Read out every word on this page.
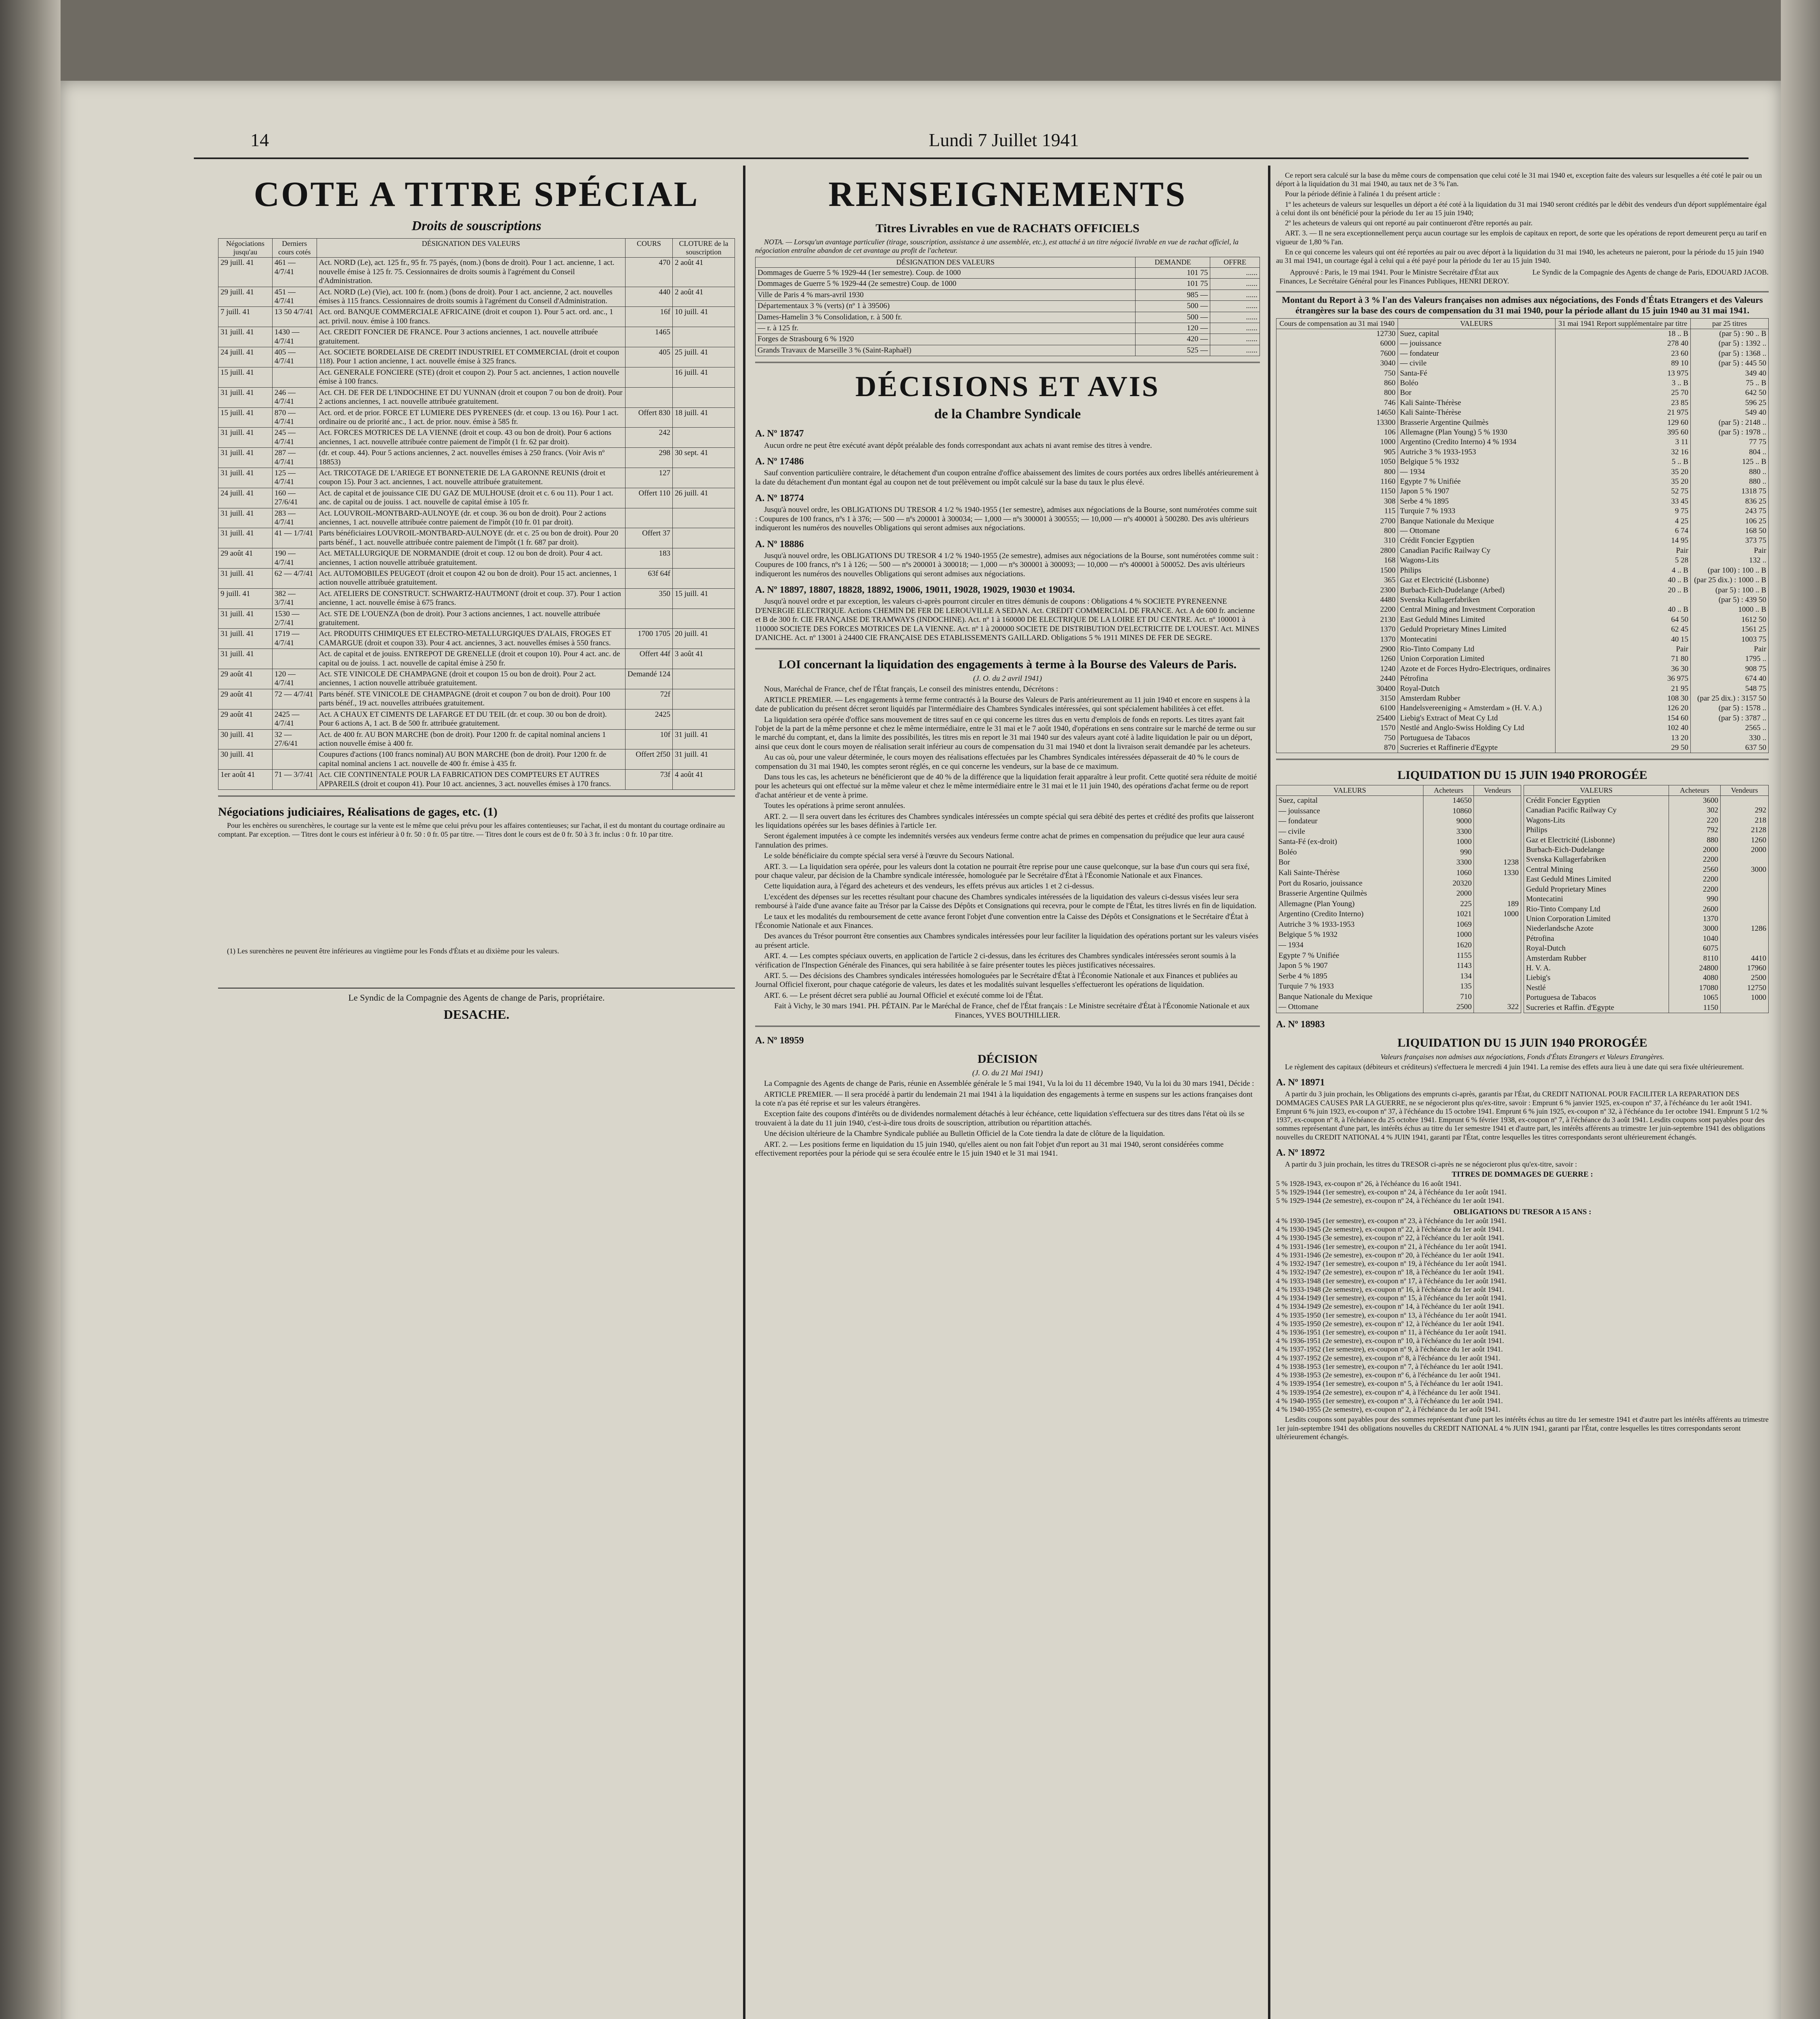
14	Lundi 7 Juillet 1941
COTE A TITRE SPÉCIAL
Droits de souscriptions
Négociations jusqu'au	Derniers cours cotés	DÉSIGNATION DES VALEURS	COURS	CLOTURE de la souscription
29 juill. 41	461 — 4/7/41	Act. NORD (Le), act. 125 fr., 95 fr. 75 payés, (nom.) (bons de droit). Pour 1 act. ancienne, 1 act. nouvelle émise à 125 fr. 75. Cessionnaires de droits soumis à l'agrément du Conseil d'Administration.	470	2 août 41
29 juill. 41	451 — 4/7/41	Act. NORD (Le) (Vie), act. 100 fr. (nom.) (bons de droit). Pour 1 act. ancienne, 2 act. nouvelles émises à 115 francs. Cessionnaires de droits soumis à l'agrément du Conseil d'Administration.	440	2 août 41
7 juill. 41	13 50 4/7/41	Act. ord. BANQUE COMMERCIALE AFRICAINE (droit et coupon 1). Pour 5 act. ord. anc., 1 act. privil. nouv. émise à 100 francs.	16f	10 juill. 41
31 juill. 41	1430 — 4/7/41	Act. CREDIT FONCIER DE FRANCE. Pour 3 actions anciennes, 1 act. nouvelle attribuée gratuitement.	1465	
24 juill. 41	405 — 4/7/41	Act. SOCIETE BORDELAISE DE CREDIT INDUSTRIEL ET COMMERCIAL (droit et coupon 118). Pour 1 action ancienne, 1 act. nouvelle émise à 325 francs.	405	25 juill. 41
15 juill. 41		Act. GENERALE FONCIERE (STE) (droit et coupon 2). Pour 5 act. anciennes, 1 action nouvelle émise à 100 francs.		16 juill. 41
31 juill. 41	246 — 4/7/41	Act. CH. DE FER DE L'INDOCHINE ET DU YUNNAN (droit et coupon 7 ou bon de droit). Pour 2 actions anciennes, 1 act. nouvelle attribuée gratuitement.		
15 juill. 41	870 — 4/7/41	Act. ord. et de prior. FORCE ET LUMIERE DES PYRENEES (dr. et coup. 13 ou 16). Pour 1 act. ordinaire ou de priorité anc., 1 act. de prior. nouv. émise à 585 fr.	Offert 830	18 juill. 41
31 juill. 41	245 — 4/7/41	Act. FORCES MOTRICES DE LA VIENNE (droit et coup. 43 ou bon de droit). Pour 6 actions anciennes, 1 act. nouvelle attribuée contre paiement de l'impôt (1 fr. 62 par droit).	242	
31 juill. 41	287 — 4/7/41	(dr. et coup. 44). Pour 5 actions anciennes, 2 act. nouvelles émises à 250 francs. (Voir Avis nº 18853)	298	30 sept. 41
31 juill. 41	125 — 4/7/41	Act. TRICOTAGE DE L'ARIEGE ET BONNETERIE DE LA GARONNE REUNIS (droit et coupon 15). Pour 3 act. anciennes, 1 act. nouvelle attribuée gratuitement.	127	
24 juill. 41	160 — 27/6/41	Act. de capital et de jouissance CIE DU GAZ DE MULHOUSE (droit et c. 6 ou 11). Pour 1 act. anc. de capital ou de jouiss. 1 act. nouvelle de capital émise à 105 fr.	Offert 110	26 juill. 41
31 juill. 41	283 — 4/7/41	Act. LOUVROIL-MONTBARD-AULNOYE (dr. et coup. 36 ou bon de droit). Pour 2 actions anciennes, 1 act. nouvelle attribuée contre paiement de l'impôt (10 fr. 01 par droit).		
31 juill. 41	41 — 1/7/41	Parts bénéficiaires LOUVROIL-MONTBARD-AULNOYE (dr. et c. 25 ou bon de droit). Pour 20 parts bénéf., 1 act. nouvelle attribuée contre paiement de l'impôt (1 fr. 687 par droit).	Offert 37	
29 août 41	190 — 4/7/41	Act. METALLURGIQUE DE NORMANDIE (droit et coup. 12 ou bon de droit). Pour 4 act. anciennes, 1 action nouvelle attribuée gratuitement.	183	
31 juill. 41	62 — 4/7/41	Act. AUTOMOBILES PEUGEOT (droit et coupon 42 ou bon de droit). Pour 15 act. anciennes, 1 action nouvelle attribuée gratuitement.	63f 64f	
9 juill. 41	382 — 3/7/41	Act. ATELIERS DE CONSTRUCT. SCHWARTZ-HAUTMONT (droit et coup. 37). Pour 1 action ancienne, 1 act. nouvelle émise à 675 francs.	350	15 juill. 41
31 juill. 41	1530 — 2/7/41	Act. STE DE L'OUENZA (bon de droit). Pour 3 actions anciennes, 1 act. nouvelle attribuée gratuitement.		
31 juill. 41	1719 — 4/7/41	Act. PRODUITS CHIMIQUES ET ELECTRO-METALLURGIQUES D'ALAIS, FROGES ET CAMARGUE (droit et coupon 33). Pour 4 act. anciennes, 3 act. nouvelles émises à 550 francs.	1700 1705	20 juill. 41
31 juill. 41		Act. de capital et de jouiss. ENTREPOT DE GRENELLE (droit et coupon 10). Pour 4 act. anc. de capital ou de jouiss. 1 act. nouvelle de capital émise à 250 fr.	Offert 44f	3 août 41
29 août 41	120 — 4/7/41	Act. STE VINICOLE DE CHAMPAGNE (droit et coupon 15 ou bon de droit). Pour 2 act. anciennes, 1 action nouvelle attribuée gratuitement.	Demandé 124	
29 août 41	72 — 4/7/41	Parts bénéf. STE VINICOLE DE CHAMPAGNE (droit et coupon 7 ou bon de droit). Pour 100 parts bénéf., 19 act. nouvelles attribuées gratuitement.	72f	
29 août 41	2425 — 4/7/41	Act. A CHAUX ET CIMENTS DE LAFARGE ET DU TEIL (dr. et coup. 30 ou bon de droit). Pour 6 actions A, 1 act. B de 500 fr. attribuée gratuitement.	2425	
30 juill. 41	32 — 27/6/41	Act. de 400 fr. AU BON MARCHE (bon de droit). Pour 1200 fr. de capital nominal anciens 1 action nouvelle émise à 400 fr.	10f	31 juill. 41
30 juill. 41		Coupures d'actions (100 francs nominal) AU BON MARCHE (bon de droit). Pour 1200 fr. de capital nominal anciens 1 act. nouvelle de 400 fr. émise à 435 fr.	Offert 2f50	31 juill. 41
1er août 41	71 — 3/7/41	Act. CIE CONTINENTALE POUR LA FABRICATION DES COMPTEURS ET AUTRES APPAREILS (droit et coupon 41). Pour 10 act. anciennes, 3 act. nouvelles émises à 170 francs.	73f	4 août 41
Négociations judiciaires, Réalisations de gages, etc. (1)

Pour les enchères ou surenchères, le courtage sur la vente est le même que celui prévu pour les affaires contentieuses; sur l'achat, il est du montant du courtage ordinaire au comptant. Par exception. — Titres dont le cours est inférieur à 0 fr. 50 : 0 fr. 05 par titre. — Titres dont le cours est de 0 fr. 50 à 3 fr. inclus : 0 fr. 10 par titre.

(1) Les surenchères ne peuvent être inférieures au vingtième pour les Fonds d'États et au dixième pour les valeurs.

Le Syndic de la Compagnie des Agents de change de Paris, propriétaire.
DESACHE.
RENSEIGNEMENTS
Titres Livrables en vue de RACHATS OFFICIELS

NOTA. — Lorsqu'un avantage particulier (tirage, souscription, assistance à une assemblée, etc.), est attaché à un titre négocié livrable en vue de rachat officiel, la négociation entraîne abandon de cet avantage au profit de l'acheteur.

DÉSIGNATION DES VALEURS	DEMANDE	OFFRE
Dommages de Guerre 5 % 1929-44 (1er semestre). Coup. de 1000	101 75	......
Dommages de Guerre 5 % 1929-44 (2e semestre) Coup. de 1000	101 75	......
Ville de Paris 4 % mars-avril 1930	985 —	......
Départementaux 3 % (verts) (nº 1 à 39506)	500 —	......
Dames-Hamelin 3 % Consolidation, r. à 500 fr.	500 —	......
— r. à 125 fr.	120 —	......
Forges de Strasbourg 6 % 1920	420 —	......
Grands Travaux de Marseille 3 % (Saint-Raphaël)	525 —	......
DÉCISIONS ET AVIS
de la Chambre Syndicale
A. Nº 18747

Aucun ordre ne peut être exécuté avant dépôt préalable des fonds correspondant aux achats ni avant remise des titres à vendre.

A. Nº 17486

Sauf convention particulière contraire, le détachement d'un coupon entraîne d'office abaissement des limites de cours portées aux ordres libellés antérieurement à la date du détachement d'un montant égal au coupon net de tout prélèvement ou impôt calculé sur la base du taux le plus élevé.

A. Nº 18774

Jusqu'à nouvel ordre, les OBLIGATIONS DU TRESOR 4 1/2 % 1940-1955 (1er semestre), admises aux négociations de la Bourse, sont numérotées comme suit : Coupures de 100 francs, nºs 1 à 376; — 500 — nºs 200001 à 300034; — 1,000 — nºs 300001 à 300555; — 10,000 — nºs 400001 à 500280. Des avis ultérieurs indiqueront les numéros des nouvelles Obligations qui seront admises aux négociations.

A. Nº 18886

Jusqu'à nouvel ordre, les OBLIGATIONS DU TRESOR 4 1/2 % 1940-1955 (2e semestre), admises aux négociations de la Bourse, sont numérotées comme suit : Coupures de 100 francs, nºs 1 à 126; — 500 — nºs 200001 à 300018; — 1,000 — nºs 300001 à 300093; — 10,000 — nºs 400001 à 500052. Des avis ultérieurs indiqueront les numéros des nouvelles Obligations qui seront admises aux négociations.

A. Nº 18897, 18807, 18828, 18892, 19006, 19011, 19028, 19029, 19030 et 19034.

Jusqu'à nouvel ordre et par exception, les valeurs ci-après pourront circuler en titres démunis de coupons : Obligations 4 % SOCIETE PYRENEENNE D'ENERGIE ELECTRIQUE. Actions CHEMIN DE FER DE LEROUVILLE A SEDAN. Act. CREDIT COMMERCIAL DE FRANCE. Act. A de 600 fr. ancienne et B de 300 fr. CIE FRANÇAISE DE TRAMWAYS (INDOCHINE). Act. nº 1 à 160000 DE ELECTRIQUE DE LA LOIRE ET DU CENTRE. Act. nº 100001 à 110000 SOCIETE DES FORCES MOTRICES DE LA VIENNE. Act. nº 1 à 200000 SOCIETE DE DISTRIBUTION D'ELECTRICITE DE L'OUEST. Act. MINES D'ANICHE. Act. nº 13001 à 24400 CIE FRANÇAISE DES ETABLISSEMENTS GAILLARD. Obligations 5 % 1911 MINES DE FER DE SEGRE.

LOI concernant la liquidation des engagements à terme à la Bourse des Valeurs de Paris.
(J. O. du 2 avril 1941)

Nous, Maréchal de France, chef de l'État français, Le conseil des ministres entendu, Décrétons :

ARTICLE PREMIER. — Les engagements à terme ferme contractés à la Bourse des Valeurs de Paris antérieurement au 11 juin 1940 et encore en suspens à la date de publication du présent décret seront liquidés par l'intermédiaire des Chambres Syndicales intéressées, qui sont spécialement habilitées à cet effet.

La liquidation sera opérée d'office sans mouvement de titres sauf en ce qui concerne les titres dus en vertu d'emplois de fonds en reports. Les titres ayant fait l'objet de la part de la même personne et chez le même intermédiaire, entre le 31 mai et le 7 août 1940, d'opérations en sens contraire sur le marché de terme ou sur le marché du comptant, et, dans la limite des possibilités, les titres mis en report le 31 mai 1940 sur des valeurs ayant coté à ladite liquidation le pair ou un déport, ainsi que ceux dont le cours moyen de réalisation serait inférieur au cours de compensation du 31 mai 1940 et dont la livraison serait demandée par les acheteurs.

Au cas où, pour une valeur déterminée, le cours moyen des réalisations effectuées par les Chambres Syndicales intéressées dépasserait de 40 % le cours de compensation du 31 mai 1940, les comptes seront réglés, en ce qui concerne les vendeurs, sur la base de ce maximum.

Dans tous les cas, les acheteurs ne bénéficieront que de 40 % de la différence que la liquidation ferait apparaître à leur profit. Cette quotité sera réduite de moitié pour les acheteurs qui ont effectué sur la même valeur et chez le même intermédiaire entre le 31 mai et le 11 juin 1940, des opérations d'achat ferme ou de report d'achat antérieur et de vente à prime.

Toutes les opérations à prime seront annulées.

ART. 2. — Il sera ouvert dans les écritures des Chambres syndicales intéressées un compte spécial qui sera débité des pertes et crédité des profits que laisseront les liquidations opérées sur les bases définies à l'article 1er.

Seront également imputées à ce compte les indemnités versées aux vendeurs ferme contre achat de primes en compensation du préjudice que leur aura causé l'annulation des primes.

Le solde bénéficiaire du compte spécial sera versé à l'œuvre du Secours National.

ART. 3. — La liquidation sera opérée, pour les valeurs dont la cotation ne pourrait être reprise pour une cause quelconque, sur la base d'un cours qui sera fixé, pour chaque valeur, par décision de la Chambre syndicale intéressée, homologuée par le Secrétaire d'État à l'Économie Nationale et aux Finances.

Cette liquidation aura, à l'égard des acheteurs et des vendeurs, les effets prévus aux articles 1 et 2 ci-dessus.

L'excédent des dépenses sur les recettes résultant pour chacune des Chambres syndicales intéressées de la liquidation des valeurs ci-dessus visées leur sera remboursé à l'aide d'une avance faite au Trésor par la Caisse des Dépôts et Consignations qui recevra, pour le compte de l'État, les titres livrés en fin de liquidation.

Le taux et les modalités du remboursement de cette avance feront l'objet d'une convention entre la Caisse des Dépôts et Consignations et le Secrétaire d'État à l'Économie Nationale et aux Finances.

Des avances du Trésor pourront être consenties aux Chambres syndicales intéressées pour leur faciliter la liquidation des opérations portant sur les valeurs visées au présent article.

ART. 4. — Les comptes spéciaux ouverts, en application de l'article 2 ci-dessus, dans les écritures des Chambres syndicales intéressées seront soumis à la vérification de l'Inspection Générale des Finances, qui sera habilitée à se faire présenter toutes les pièces justificatives nécessaires.

ART. 5. — Des décisions des Chambres syndicales intéressées homologuées par le Secrétaire d'État à l'Économie Nationale et aux Finances et publiées au Journal Officiel fixeront, pour chaque catégorie de valeurs, les dates et les modalités suivant lesquelles s'effectueront les opérations de liquidation.

ART. 6. — Le présent décret sera publié au Journal Officiel et exécuté comme loi de l'État.

Fait à Vichy, le 30 mars 1941. PH. PÉTAIN. Par le Maréchal de France, chef de l'État français : Le Ministre secrétaire d'État à l'Économie Nationale et aux Finances, YVES BOUTHILLIER.

A. Nº 18959
DÉCISION
(J. O. du 21 Mai 1941)

La Compagnie des Agents de change de Paris, réunie en Assemblée générale le 5 mai 1941, Vu la loi du 11 décembre 1940, Vu la loi du 30 mars 1941, Décide :

ARTICLE PREMIER. — Il sera procédé à partir du lendemain 21 mai 1941 à la liquidation des engagements à terme en suspens sur les actions françaises dont la cote n'a pas été reprise et sur les valeurs étrangères.

Exception faite des coupons d'intérêts ou de dividendes normalement détachés à leur échéance, cette liquidation s'effectuera sur des titres dans l'état où ils se trouvaient à la date du 11 juin 1940, c'est-à-dire tous droits de souscription, attribution ou répartition attachés.

Une décision ultérieure de la Chambre Syndicale publiée au Bulletin Officiel de la Cote tiendra la date de clôture de la liquidation.

ART. 2. — Les positions ferme en liquidation du 15 juin 1940, qu'elles aient ou non fait l'objet d'un report au 31 mai 1940, seront considérées comme effectivement reportées pour la période qui se sera écoulée entre le 15 juin 1940 et le 31 mai 1941.

Ce report sera calculé sur la base du même cours de compensation que celui coté le 31 mai 1940 et, exception faite des valeurs sur lesquelles a été coté le pair ou un déport à la liquidation du 31 mai 1940, au taux net de 3 % l'an.

Pour la période définie à l'alinéa 1 du présent article :

1º les acheteurs de valeurs sur lesquelles un déport a été coté à la liquidation du 31 mai 1940 seront crédités par le débit des vendeurs d'un déport supplémentaire égal à celui dont ils ont bénéficié pour la période du 1er au 15 juin 1940;

2º les acheteurs de valeurs qui ont reporté au pair continueront d'être reportés au pair.

ART. 3. — Il ne sera exceptionnellement perçu aucun courtage sur les emplois de capitaux en report, de sorte que les opérations de report demeurent perçu au tarif en vigueur de 1,80 % l'an.

En ce qui concerne les valeurs qui ont été reportées au pair ou avec déport à la liquidation du 31 mai 1940, les acheteurs ne paieront, pour la période du 15 juin 1940 au 31 mai 1941, un courtage égal à celui qui a été payé pour la période du 1er au 15 juin 1940.

Approuvé : Paris, le 19 mai 1941. Pour le Ministre Secrétaire d'État aux Finances, Le Secrétaire Général pour les Finances Publiques, HENRI DEROY.
Le Syndic de la Compagnie des Agents de change de Paris, EDOUARD JACOB.
Montant du Report à 3 % l'an des Valeurs françaises non admises aux négociations, des Fonds d'États Etrangers et des Valeurs étrangères sur la base des cours de compensation du 31 mai 1940, pour la période allant du 15 juin 1940 au 31 mai 1941.
Cours de compensation au 31 mai 1940	VALEURS	31 mai 1941 Report supplémentaire par titre	par 25 titres
12730	Suez, capital	18 .. B	(par 5) : 90 .. B
6000	— jouissance	278 40	(par 5) : 1392 ..
7600	— fondateur	23 60	(par 5) : 1368 ..
3040	— civile	89 10	(par 5) : 445 50
750	Santa-Fé	13 975	349 40
860	Boléo	3 .. B	75 .. B
800	Bor	25 70	642 50
746	Kali Sainte-Thérèse	23 85	596 25
14650	Kali Sainte-Thérèse	21 975	549 40
13300	Brasserie Argentine Quilmès	129 60	(par 5) : 2148 ..
106	Allemagne (Plan Young) 5 % 1930	395 60	(par 5) : 1978 ..
1000	Argentino (Credito Interno) 4 % 1934	3 11	77 75
905	Autriche 3 % 1933-1953	32 16	804 ..
1050	Belgique 5 % 1932	5 .. B	125 .. B
800	— 1934	35 20	880 ..
1160	Egypte 7 % Unifiée	35 20	880 ..
1150	Japon 5 % 1907	52 75	1318 75
308	Serbe 4 % 1895	33 45	836 25
115	Turquie 7 % 1933	9 75	243 75
2700	Banque Nationale du Mexique	4 25	106 25
800	— Ottomane	6 74	168 50
310	Crédit Foncier Egyptien	14 95	373 75
2800	Canadian Pacific Railway Cy	Pair	Pair
168	Wagons-Lits	5 28	132 ..
1500	Philips	4 .. B	(par 100) : 100 .. B
365	Gaz et Electricité (Lisbonne)	40 .. B	(par 25 dix.) : 1000 .. B
2300	Burbach-Eich-Dudelange (Arbed)	20 .. B	(par 5) : 100 .. B
4480	Svenska Kullagerfabriken		(par 5) : 439 50
2200	Central Mining and Investment Corporation	40 .. B	1000 .. B
2130	East Geduld Mines Limited	64 50	1612 50
1370	Geduld Proprietary Mines Limited	62 45	1561 25
1370	Montecatini	40 15	1003 75
2900	Rio-Tinto Company Ltd	Pair	Pair
1260	Union Corporation Limited	71 80	1795 ..
1240	Azote et de Forces Hydro-Electriques, ordinaires	36 30	908 75
2440	Pétrofina	36 975	674 40
30400	Royal-Dutch	21 95	548 75
3150	Amsterdam Rubber	108 30	(par 25 dix.) : 3157 50
6100	Handelsvereeniging « Amsterdam » (H. V. A.)	126 20	(par 5) : 1578 ..
25400	Liebig's Extract of Meat Cy Ltd	154 60	(par 5) : 3787 ..
1570	Nestlé and Anglo-Swiss Holding Cy Ltd	102 40	2565 ..
750	Portuguesa de Tabacos	13 20	330 ..
870	Sucreries et Raffinerie d'Egypte	29 50	637 50
LIQUIDATION DU 15 JUIN 1940 PROROGÉE
VALEURS	Acheteurs	Vendeurs
Suez, capital	14650	
— jouissance	10860	
— fondateur	9000	
— civile	3300	
Santa-Fé (ex-droit)	1000	
Boléo	990	
Bor	3300	1238
Kali Sainte-Thérèse	1060	1330
Port du Rosario, jouissance	20320	
Brasserie Argentine Quilmès	2000	
Allemagne (Plan Young)	225	189
Argentino (Credito Interno)	1021	1000
Autriche 3 % 1933-1953	1069	
Belgique 5 % 1932	1000	
— 1934	1620	
Egypte 7 % Unifiée	1155	
Japon 5 % 1907	1143	
Serbe 4 % 1895	134	
Turquie 7 % 1933	135	
Banque Nationale du Mexique	710	
— Ottomane	2500	322
VALEURS	Acheteurs	Vendeurs
Crédit Foncier Egyptien	3600	
Canadian Pacific Railway Cy	302	292
Wagons-Lits	220	218
Philips	792	2128
Gaz et Electricité (Lisbonne)	880	1260
Burbach-Eich-Dudelange	2000	2000
Svenska Kullagerfabriken	2200	
Central Mining	2560	3000
East Geduld Mines Limited	2200	
Geduld Proprietary Mines	2200	
Montecatini	990	
Rio-Tinto Company Ltd	2600	
Union Corporation Limited	1370	
Niederlandsche Azote	3000	1286
Pétrofina	1040	
Royal-Dutch	6075	
Amsterdam Rubber	8110	4410
H. V. A.	24800	17960
Liebig's	4080	2500
Nestlé	17080	12750
Portuguesa de Tabacos	1065	1000
Sucreries et Raffin. d'Egypte	1150	
A. Nº 18983
LIQUIDATION DU 15 JUIN 1940 PROROGÉE
Valeurs françaises non admises aux négociations, Fonds d'États Etrangers et Valeurs Etrangères.

Le règlement des capitaux (débiteurs et créditeurs) s'effectuera le mercredi 4 juin 1941. La remise des effets aura lieu à une date qui sera fixée ultérieurement.

A. Nº 18971

A partir du 3 juin prochain, les Obligations des emprunts ci-après, garantis par l'État, du CREDIT NATIONAL POUR FACILITER LA REPARATION DES DOMMAGES CAUSES PAR LA GUERRE, ne se négocieront plus qu'ex-titre, savoir : Emprunt 6 % janvier 1925, ex-coupon nº 37, à l'échéance du 1er août 1941. Emprunt 6 % juin 1923, ex-coupon nº 37, à l'échéance du 15 octobre 1941. Emprunt 6 % juin 1925, ex-coupon nº 32, à l'échéance du 1er octobre 1941. Emprunt 5 1/2 % 1937, ex-coupon nº 8, à l'échéance du 25 octobre 1941. Emprunt 6 % février 1938, ex-coupon nº 7, à l'échéance du 3 août 1941. Lesdits coupons sont payables pour des sommes représentant d'une part, les intérêts échus au titre du 1er semestre 1941 et d'autre part, les intérêts afférents au trimestre 1er juin-septembre 1941 des obligations nouvelles du CREDIT NATIONAL 4 % JUIN 1941, garanti par l'État, contre lesquelles les titres correspondants seront ultérieurement échangés.

A. Nº 18972

A partir du 3 juin prochain, les titres du TRESOR ci-après ne se négocieront plus qu'ex-titre, savoir :

TITRES DE DOMMAGES DE GUERRE :
5 % 1928-1943, ex-coupon nº 26, à l'échéance du 16 août 1941.
5 % 1929-1944 (1er semestre), ex-coupon nº 24, à l'échéance du 1er août 1941.
5 % 1929-1944 (2e semestre), ex-coupon nº 24, à l'échéance du 1er août 1941.
OBLIGATIONS DU TRESOR A 15 ANS :
4 % 1930-1945 (1er semestre), ex-coupon nº 23, à l'échéance du 1er août 1941.
4 % 1930-1945 (2e semestre), ex-coupon nº 22, à l'échéance du 1er août 1941.
4 % 1930-1945 (3e semestre), ex-coupon nº 22, à l'échéance du 1er août 1941.
4 % 1931-1946 (1er semestre), ex-coupon nº 21, à l'échéance du 1er août 1941.
4 % 1931-1946 (2e semestre), ex-coupon nº 20, à l'échéance du 1er août 1941.
4 % 1932-1947 (1er semestre), ex-coupon nº 19, à l'échéance du 1er août 1941.
4 % 1932-1947 (2e semestre), ex-coupon nº 18, à l'échéance du 1er août 1941.
4 % 1933-1948 (1er semestre), ex-coupon nº 17, à l'échéance du 1er août 1941.
4 % 1933-1948 (2e semestre), ex-coupon nº 16, à l'échéance du 1er août 1941.
4 % 1934-1949 (1er semestre), ex-coupon nº 15, à l'échéance du 1er août 1941.
4 % 1934-1949 (2e semestre), ex-coupon nº 14, à l'échéance du 1er août 1941.
4 % 1935-1950 (1er semestre), ex-coupon nº 13, à l'échéance du 1er août 1941.
4 % 1935-1950 (2e semestre), ex-coupon nº 12, à l'échéance du 1er août 1941.
4 % 1936-1951 (1er semestre), ex-coupon nº 11, à l'échéance du 1er août 1941.
4 % 1936-1951 (2e semestre), ex-coupon nº 10, à l'échéance du 1er août 1941.
4 % 1937-1952 (1er semestre), ex-coupon nº 9, à l'échéance du 1er août 1941.
4 % 1937-1952 (2e semestre), ex-coupon nº 8, à l'échéance du 1er août 1941.
4 % 1938-1953 (1er semestre), ex-coupon nº 7, à l'échéance du 1er août 1941.
4 % 1938-1953 (2e semestre), ex-coupon nº 6, à l'échéance du 1er août 1941.
4 % 1939-1954 (1er semestre), ex-coupon nº 5, à l'échéance du 1er août 1941.
4 % 1939-1954 (2e semestre), ex-coupon nº 4, à l'échéance du 1er août 1941.
4 % 1940-1955 (1er semestre), ex-coupon nº 3, à l'échéance du 1er août 1941.
4 % 1940-1955 (2e semestre), ex-coupon nº 2, à l'échéance du 1er août 1941.

Lesdits coupons sont payables pour des sommes représentant d'une part les intérêts échus au titre du 1er semestre 1941 et d'autre part les intérêts afférents au trimestre 1er juin-septembre 1941 des obligations nouvelles du CREDIT NATIONAL 4 % JUIN 1941, garanti par l'État, contre lesquelles les titres correspondants seront ultérieurement échangés.
